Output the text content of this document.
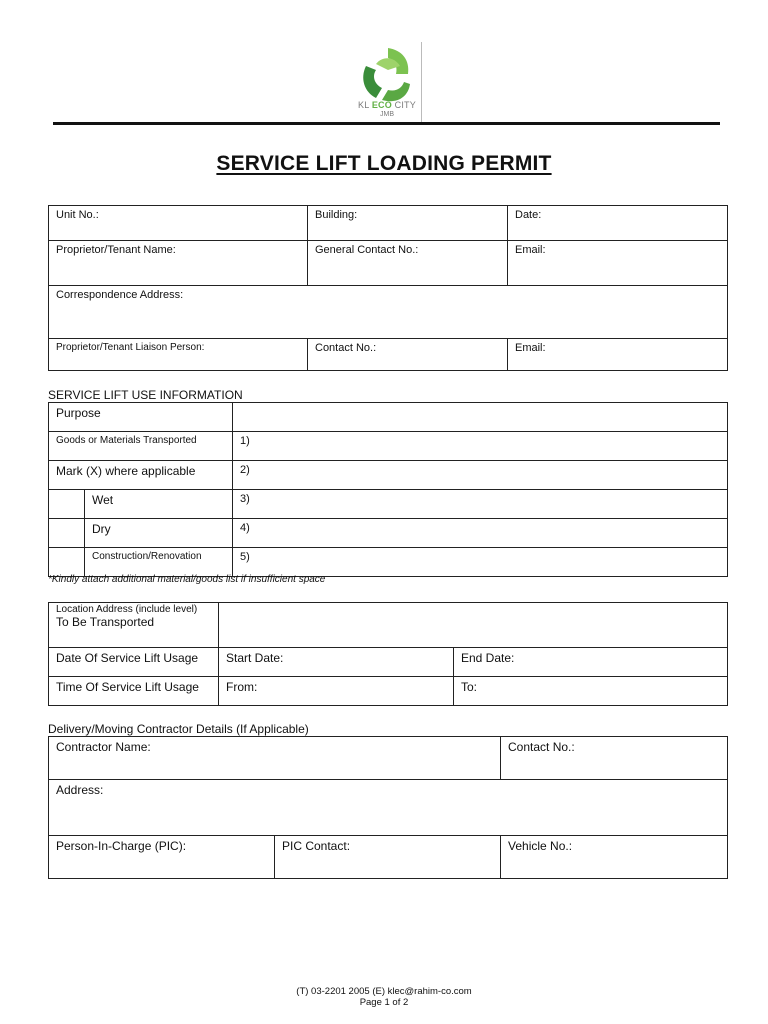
KL ECO CITY
JMB
SERVICE LIFT LOADING PERMIT
Unit No.:	Building:	Date:
Proprietor/Tenant Name:	General Contact No.:	Email:
Correspondence Address:		
Proprietor/Tenant Liaison Person:	Contact No.:	Email:
SERVICE LIFT USE INFORMATION
Purpose		
Goods or Materials Transported		1)
Mark (X) where applicable		2)
	Wet	3)
	Dry	4)
	Construction/Renovation	5)
*Kindly attach additional material/goods list if insufficient space
Location Address (include level)
To Be Transported		

Date Of Service Lift Usage	Start Date:	End Date:
Time Of Service Lift Usage	From:	To:
Delivery/Moving Contractor Details (If Applicable)
Contractor Name:		Contact No.:
Address:		
Person-In-Charge (PIC):	PIC Contact:	Vehicle No.:
(T) 03-2201 2005 (E) klec@rahim-co.com
Page 1 of 2
